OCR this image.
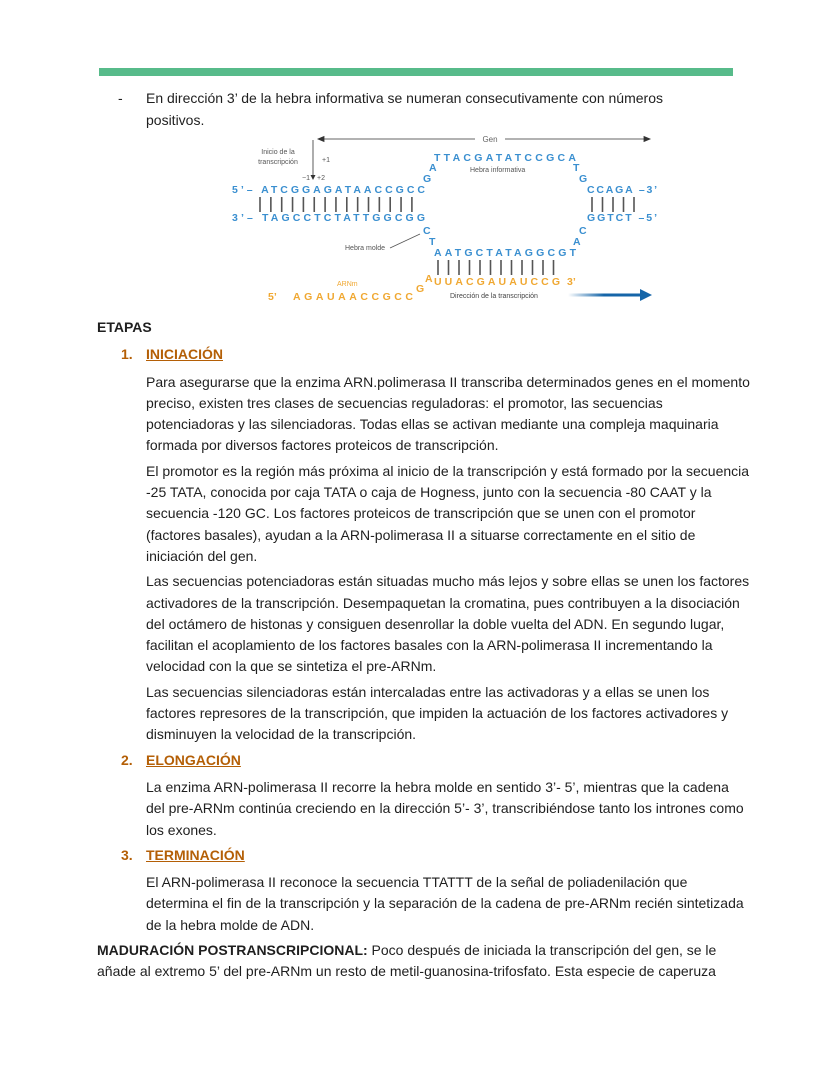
- En dirección 3’ de la hebra informativa se numeran consecutivamente con números positivos.
Gen
Inicio de la
transcripción	+1
−1 +2
5’– ATCGGAGATAACCGCC
3’– TAGCCTCTATTGGCGG
TTACGATATCCGCA
G
A	T
G
CCAGA –3’
GGTCT –5’
C
T
C
A
AATGCTATAGGCGT
Hebra informativa
Hebra molde
UUACGAUAUCCG 3’
A
G
5’ AGAUAACCGCC
ARNm
Dirección de la transcripción
ETAPAS
1. INICIACIÓN
Para asegurarse que la enzima ARN.polimerasa II transcriba determinados genes en el momento preciso, existen tres clases de secuencias reguladoras: el promotor, las secuencias potenciadoras y las silenciadoras. Todas ellas se activan mediante una compleja maquinaria formada por diversos factores proteicos de transcripción.
El promotor es la región más próxima al inicio de la transcripción y está formado por la secuencia -25 TATA, conocida por caja TATA o caja de Hogness, junto con la secuencia -80 CAAT y la secuencia -120 GC. Los factores proteicos de transcripción que se unen con el promotor (factores basales), ayudan a la ARN-polimerasa II a situarse correctamente en el sitio de iniciación del gen.
Las secuencias potenciadoras están situadas mucho más lejos y sobre ellas se unen los factores activadores de la transcripción. Desempaquetan la cromatina, pues contribuyen a la disociación del octámero de histonas y consiguen desenrollar la doble vuelta del ADN. En segundo lugar, facilitan el acoplamiento de los factores basales con la ARN-polimerasa II incrementando la velocidad con la que se sintetiza el pre-ARNm.
Las secuencias silenciadoras están intercaladas entre las activadoras y a ellas se unen los factores represores de la transcripción, que impiden la actuación de los factores activadores y disminuyen la velocidad de la transcripción.
2. ELONGACIÓN
La enzima ARN-polimerasa II recorre la hebra molde en sentido 3’- 5’, mientras que la cadena del pre-ARNm continúa creciendo en la dirección 5’- 3’, transcribiéndose tanto los intrones como los exones.
3. TERMINACIÓN
El ARN-polimerasa II reconoce la secuencia TTATTT de la señal de poliadenilación que determina el fin de la transcripción y la separación de la cadena de pre-ARNm recién sintetizada de la hebra molde de ADN.
MADURACIÓN POSTRANSCRIPCIONAL: Poco después de iniciada la transcripción del gen, se le añade al extremo 5’ del pre-ARNm un resto de metil-guanosina-trifosfato. Esta especie de caperuza
